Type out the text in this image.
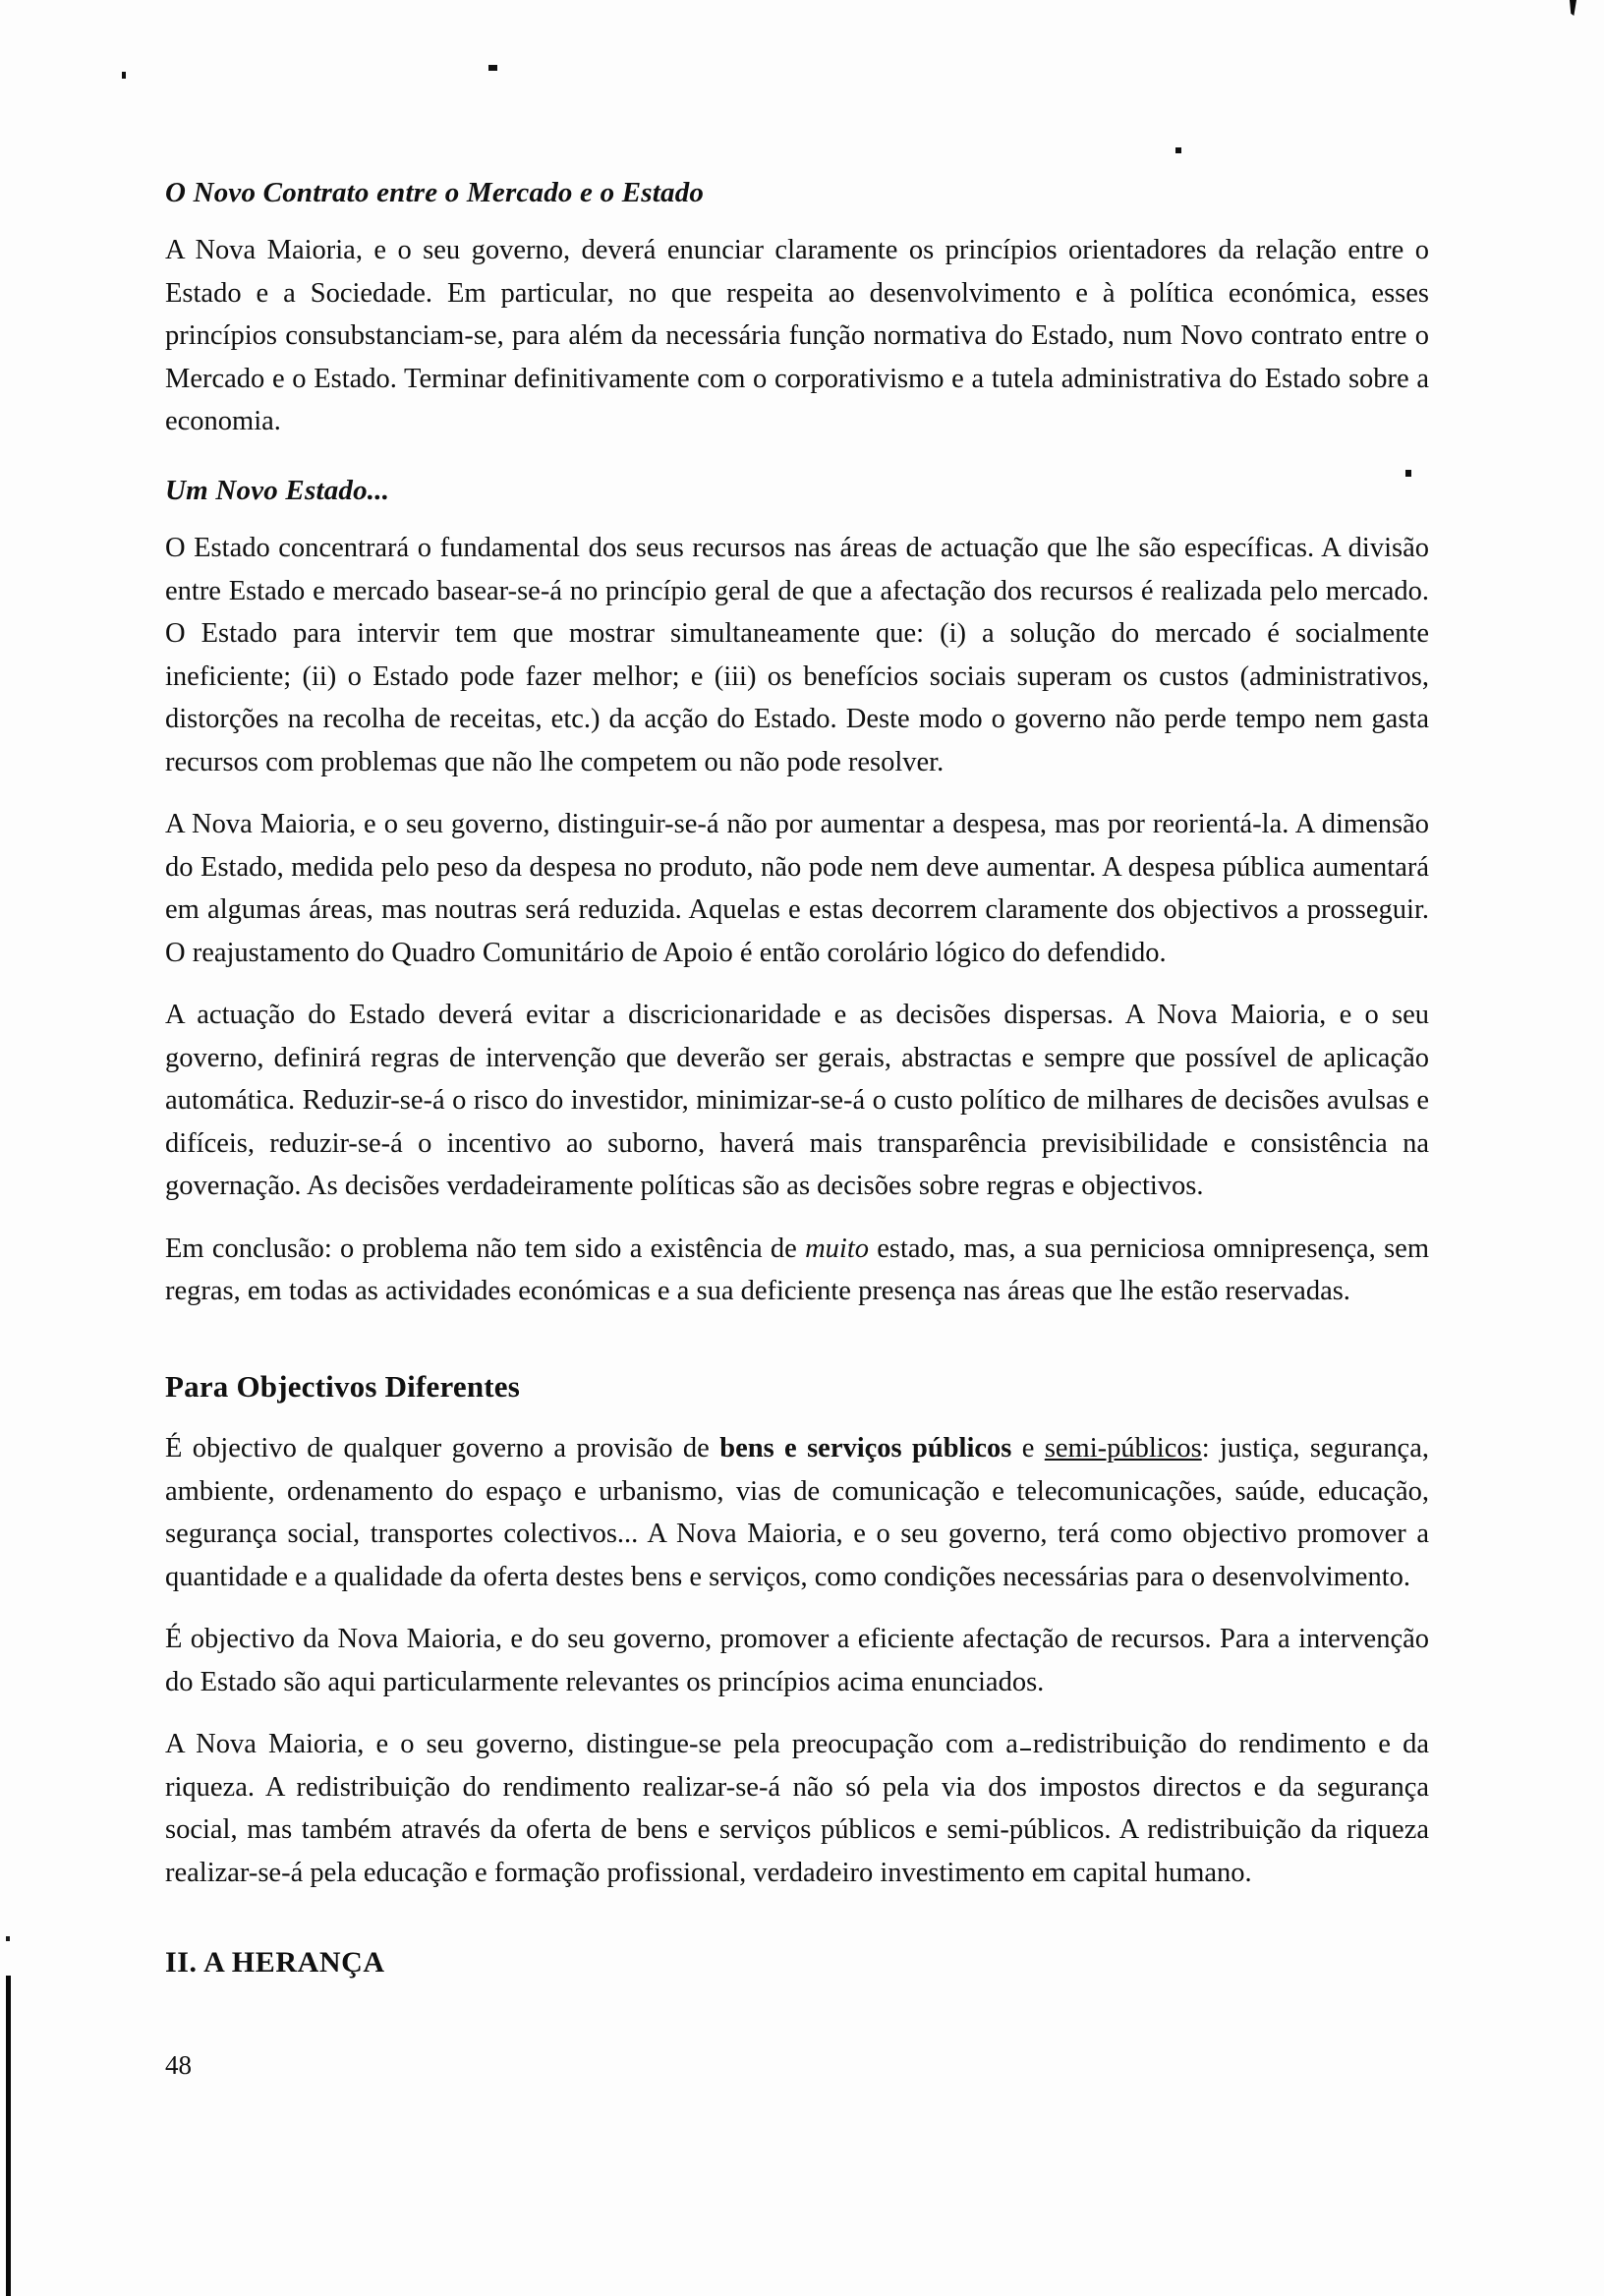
O Novo Contrato entre o Mercado e o Estado

A Nova Maioria, e o seu governo, deverá enunciar claramente os princípios orientadores da relação entre o Estado e a Sociedade. Em particular, no que respeita ao desenvolvimento e à política económica, esses princípios consubstanciam-se, para além da necessária função normativa do Estado, num Novo contrato entre o Mercado e o Estado. Terminar definitivamente com o corporativismo e a tutela administrativa do Estado sobre a economia.

Um Novo Estado...

O Estado concentrará o fundamental dos seus recursos nas áreas de actuação que lhe são específicas. A divisão entre Estado e mercado basear-se-á no princípio geral de que a afectação dos recursos é realizada pelo mercado. O Estado para intervir tem que mostrar simultaneamente que: (i) a solução do mercado é socialmente ineficiente; (ii) o Estado pode fazer melhor; e (iii) os benefícios sociais superam os custos (administrativos, distorções na recolha de receitas, etc.) da acção do Estado. Deste modo o governo não perde tempo nem gasta recursos com problemas que não lhe competem ou não pode resolver.

A Nova Maioria, e o seu governo, distinguir-se-á não por aumentar a despesa, mas por reorientá-la. A dimensão do Estado, medida pelo peso da despesa no produto, não pode nem deve aumentar. A despesa pública aumentará em algumas áreas, mas noutras será reduzida. Aquelas e estas decorrem claramente dos objectivos a prosseguir. O reajustamento do Quadro Comunitário de Apoio é então corolário lógico do defendido.

A actuação do Estado deverá evitar a discricionaridade e as decisões dispersas. A Nova Maioria, e o seu governo, definirá regras de intervenção que deverão ser gerais, abstractas e sempre que possível de aplicação automática. Reduzir-se-á o risco do investidor, minimizar-se-á o custo político de milhares de decisões avulsas e difíceis, reduzir-se-á o incentivo ao suborno, haverá mais transparência previsibilidade e consistência na governação. As decisões verdadeiramente políticas são as decisões sobre regras e objectivos.

Em conclusão: o problema não tem sido a existência de muito estado, mas, a sua perniciosa omnipresença, sem regras, em todas as actividades económicas e a sua deficiente presença nas áreas que lhe estão reservadas.

Para Objectivos Diferentes

É objectivo de qualquer governo a provisão de bens e serviços públicos e semi-públicos: justiça, segurança, ambiente, ordenamento do espaço e urbanismo, vias de comunicação e telecomunicações, saúde, educação, segurança social, transportes colectivos... A Nova Maioria, e o seu governo, terá como objectivo promover a quantidade e a qualidade da oferta destes bens e serviços, como condições necessárias para o desenvolvimento.

É objectivo da Nova Maioria, e do seu governo, promover a eficiente afectação de recursos. Para a intervenção do Estado são aqui particularmente relevantes os princípios acima enunciados.

A Nova Maioria, e o seu governo, distingue-se pela preocupação com a redistribuição do rendimento e da riqueza. A redistribuição do rendimento realizar-se-á não só pela via dos impostos directos e da segurança social, mas também através da oferta de bens e serviços públicos e semi-públicos. A redistribuição da riqueza realizar-se-á pela educação e formação profissional, verdadeiro investimento em capital humano.

II. A HERANÇA
48
